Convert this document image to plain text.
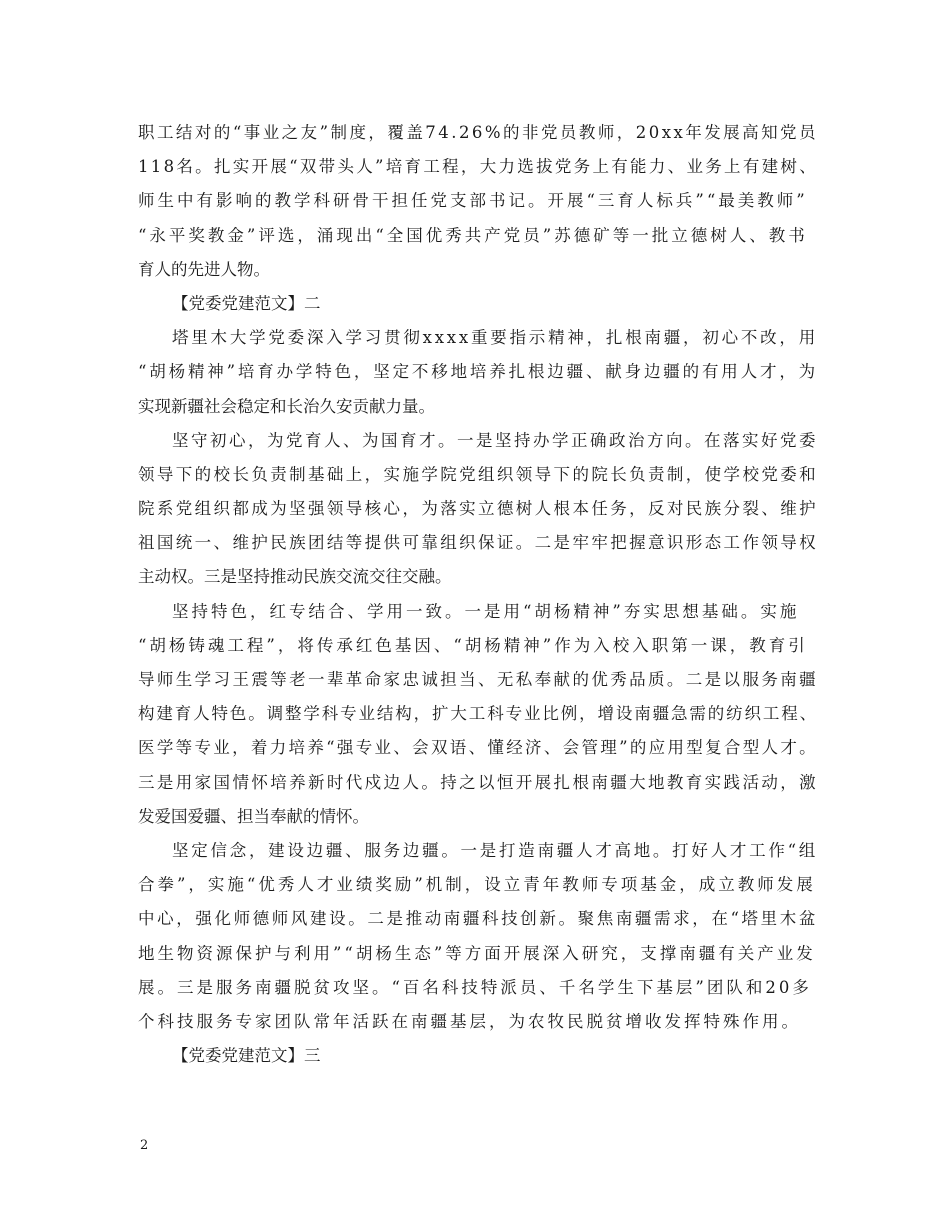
职工结对的“事业之友”制度，覆盖74.26%的非党员教师，20xx年发展高知党员
118名。扎实开展“双带头人”培育工程，大力选拔党务上有能力、业务上有建树、
师生中有影响的教学科研骨干担任党支部书记。开展“三育人标兵”“最美教师”
“永平奖教金”评选，涌现出“全国优秀共产党员”苏德矿等一批立德树人、教书
育人的先进人物。
【党委党建范文】二
塔里木大学党委深入学习贯彻xxxx重要指示精神，扎根南疆，初心不改，用
“胡杨精神”培育办学特色，坚定不移地培养扎根边疆、献身边疆的有用人才，为
实现新疆社会稳定和长治久安贡献力量。
坚守初心，为党育人、为国育才。一是坚持办学正确政治方向。在落实好党委
领导下的校长负责制基础上，实施学院党组织领导下的院长负责制，使学校党委和
院系党组织都成为坚强领导核心，为落实立德树人根本任务，反对民族分裂、维护
祖国统一、维护民族团结等提供可靠组织保证。二是牢牢把握意识形态工作领导权
主动权。三是坚持推动民族交流交往交融。
坚持特色，红专结合、学用一致。一是用“胡杨精神”夯实思想基础。实施
“胡杨铸魂工程”，将传承红色基因、“胡杨精神”作为入校入职第一课，教育引
导师生学习王震等老一辈革命家忠诚担当、无私奉献的优秀品质。二是以服务南疆
构建育人特色。调整学科专业结构，扩大工科专业比例，增设南疆急需的纺织工程、
医学等专业，着力培养“强专业、会双语、懂经济、会管理”的应用型复合型人才。
三是用家国情怀培养新时代戍边人。持之以恒开展扎根南疆大地教育实践活动，激
发爱国爱疆、担当奉献的情怀。
坚定信念，建设边疆、服务边疆。一是打造南疆人才高地。打好人才工作“组
合拳”，实施“优秀人才业绩奖励”机制，设立青年教师专项基金，成立教师发展
中心，强化师德师风建设。二是推动南疆科技创新。聚焦南疆需求，在“塔里木盆
地生物资源保护与利用”“胡杨生态”等方面开展深入研究，支撑南疆有关产业发
展。三是服务南疆脱贫攻坚。“百名科技特派员、千名学生下基层”团队和20多
个科技服务专家团队常年活跃在南疆基层，为农牧民脱贫增收发挥特殊作用。
【党委党建范文】三
2
